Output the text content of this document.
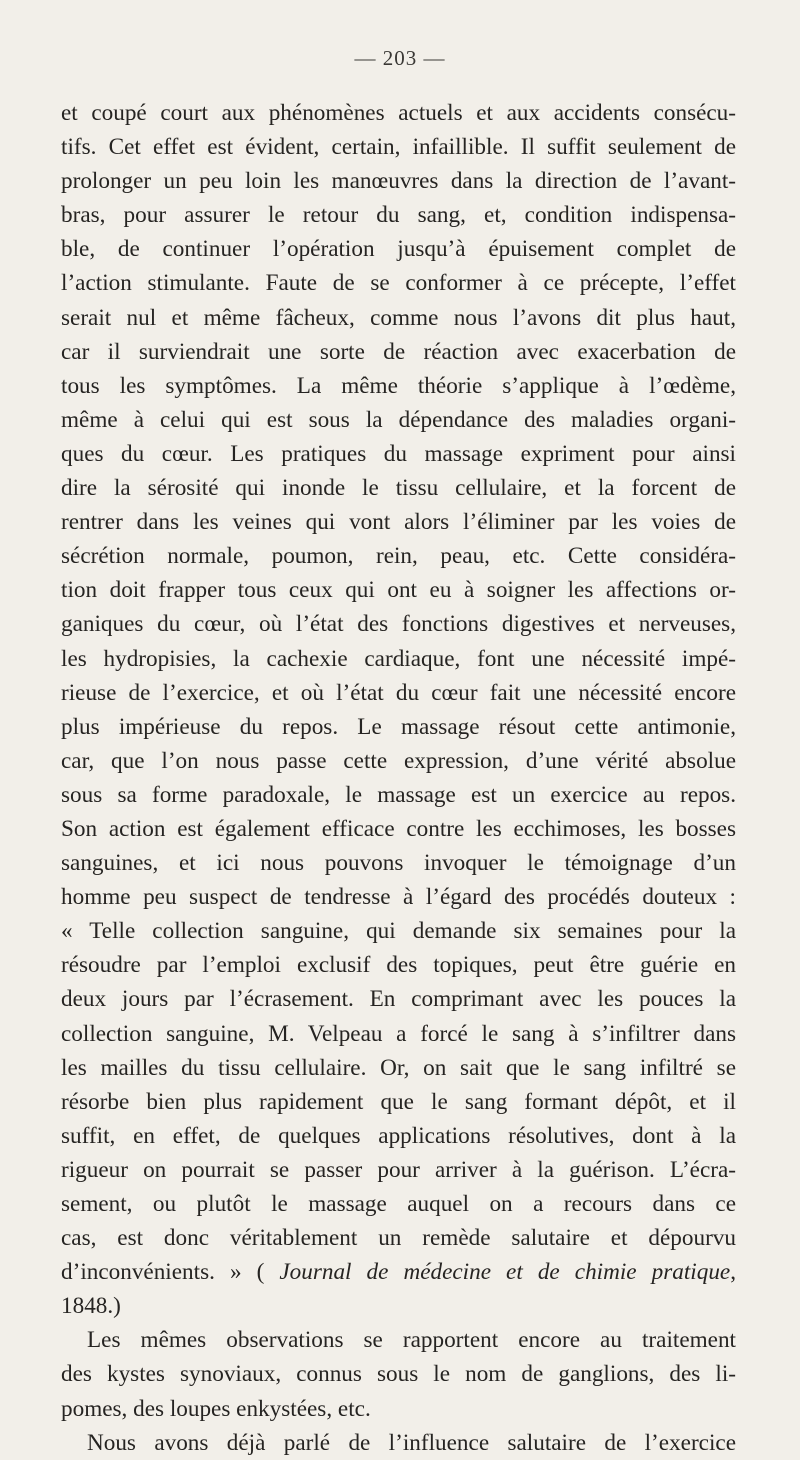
— 203 —
et coupé court aux phénomènes actuels et aux accidents consécu-
tifs. Cet effet est évident, certain, infaillible. Il suffit seulement de
prolonger un peu loin les manœuvres dans la direction de l’avant-
bras, pour assurer le retour du sang, et, condition indispensa-
ble, de continuer l’opération jusqu’à épuisement complet de
l’action stimulante. Faute de se conformer à ce précepte, l’effet
serait nul et même fâcheux, comme nous l’avons dit plus haut,
car il surviendrait une sorte de réaction avec exacerbation de
tous les symptômes. La même théorie s’applique à l’œdème,
même à celui qui est sous la dépendance des maladies organi-
ques du cœur. Les pratiques du massage expriment pour ainsi
dire la sérosité qui inonde le tissu cellulaire, et la forcent de
rentrer dans les veines qui vont alors l’éliminer par les voies de
sécrétion normale, poumon, rein, peau, etc. Cette considéra-
tion doit frapper tous ceux qui ont eu à soigner les affections or-
ganiques du cœur, où l’état des fonctions digestives et nerveuses,
les hydropisies, la cachexie cardiaque, font une nécessité impé-
rieuse de l’exercice, et où l’état du cœur fait une nécessité encore
plus impérieuse du repos. Le massage résout cette antimonie,
car, que l’on nous passe cette expression, d’une vérité absolue
sous sa forme paradoxale, le massage est un exercice au repos.
Son action est également efficace contre les ecchimoses, les bosses
sanguines, et ici nous pouvons invoquer le témoignage d’un
homme peu suspect de tendresse à l’égard des procédés douteux :
« Telle collection sanguine, qui demande six semaines pour la
résoudre par l’emploi exclusif des topiques, peut être guérie en
deux jours par l’écrasement. En comprimant avec les pouces la
collection sanguine, M. Velpeau a forcé le sang à s’infiltrer dans
les mailles du tissu cellulaire. Or, on sait que le sang infiltré se
résorbe bien plus rapidement que le sang formant dépôt, et il
suffit, en effet, de quelques applications résolutives, dont à la
rigueur on pourrait se passer pour arriver à la guérison. L’écra-
sement, ou plutôt le massage auquel on a recours dans ce
cas, est donc véritablement un remède salutaire et dépourvu
d’inconvénients. » ( Journal de médecine et de chimie pratique,
1848.)
Les mêmes observations se rapportent encore au traitement
des kystes synoviaux, connus sous le nom de ganglions, des li-
pomes, des loupes enkystées, etc.
Nous avons déjà parlé de l’influence salutaire de l’exercice
